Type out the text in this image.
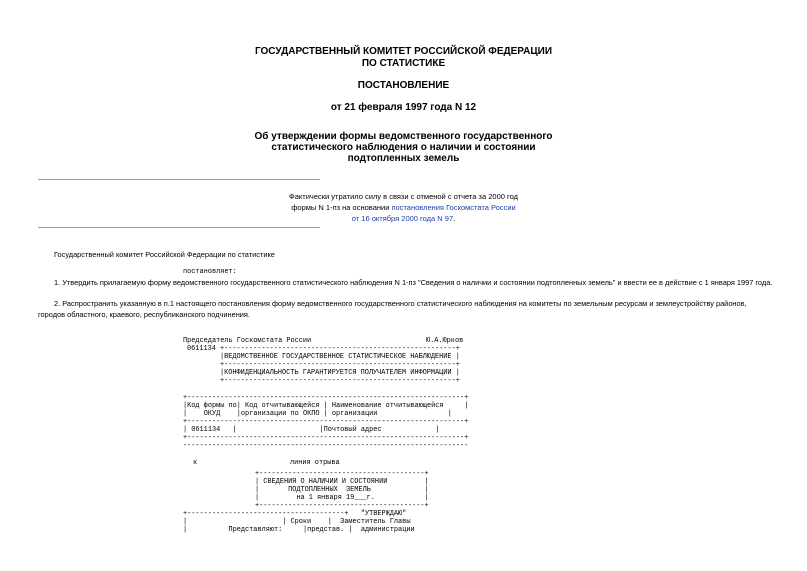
ГОСУДАРСТВЕННЫЙ КОМИТЕТ РОССИЙСКОЙ ФЕДЕРАЦИИ
ПО СТАТИСТИКЕ
ПОСТАНОВЛЕНИЕ
от 21 февраля 1997 года N 12
Об утверждении формы ведомственного государственного
статистического наблюдения о наличии и состоянии
подтопленных земель
Фактически утратило силу в связи с отменой с отчета за 2000 год
формы N 1-пз на основании постановления Госкомстата России
от 16 октября 2000 года N 97.
Государственный комитет Российской Федерации по статистике
постановляет:
1. Утвердить прилагаемую форму ведомственного государственного статистического наблюдения N 1-пз "Сведения о наличии и состоянии подтопленных земель" и ввести ее в действие с 1 января 1997 года.
2. Распространить указанную в п.1 настоящего постановления форму ведомственного государственного статистического наблюдения на комитеты по земельным ресурсам и землеустройству районов, городов областного, краевого, республиканского подчинения.
Председатель Госкомстата России	Ю.А.Юрков
0611134 +--------------------------------------------------------+
|ВЕДОМСТВЕННОЕ ГОСУДАРСТВЕННОЕ СТАТИСТИЧЕСКОЕ НАБЛЮДЕНИЕ |
+--------------------------------------------------------+
|КОНФИДЕНЦИАЛЬНОСТЬ ГАРАНТИРУЕТСЯ ПОЛУЧАТЕЛЕМ ИНФОРМАЦИИ |
+--------------------------------------------------------+
+-------------------------------------------------------------------+
|Код формы по| Код отчитывающейся | Наименование отчитывающейся	|
|    ОКУД    |организации по ОКПО | организации	|
+-------------------------------------------------------------------+
| 0611134   |                    |Почтовый адрес	|
+-------------------------------------------------------------------+
---------------------------------------------------------------------
к	линия отрыва
+----------------------------------------+
| СВЕДЕНИЯ О НАЛИЧИИ И СОСТОЯНИИ	|
|	ПОДТОПЛЕННЫХ  ЗЕМЕЛЬ	|
|	на 1 января 19___г.	|
+----------------------------------------+
+--------------------------------------+   "УТВЕРЖДАЮ"
|                       | Сроки    |  Заместитель Главы
|	Представляют:     |представ. |  администрации
